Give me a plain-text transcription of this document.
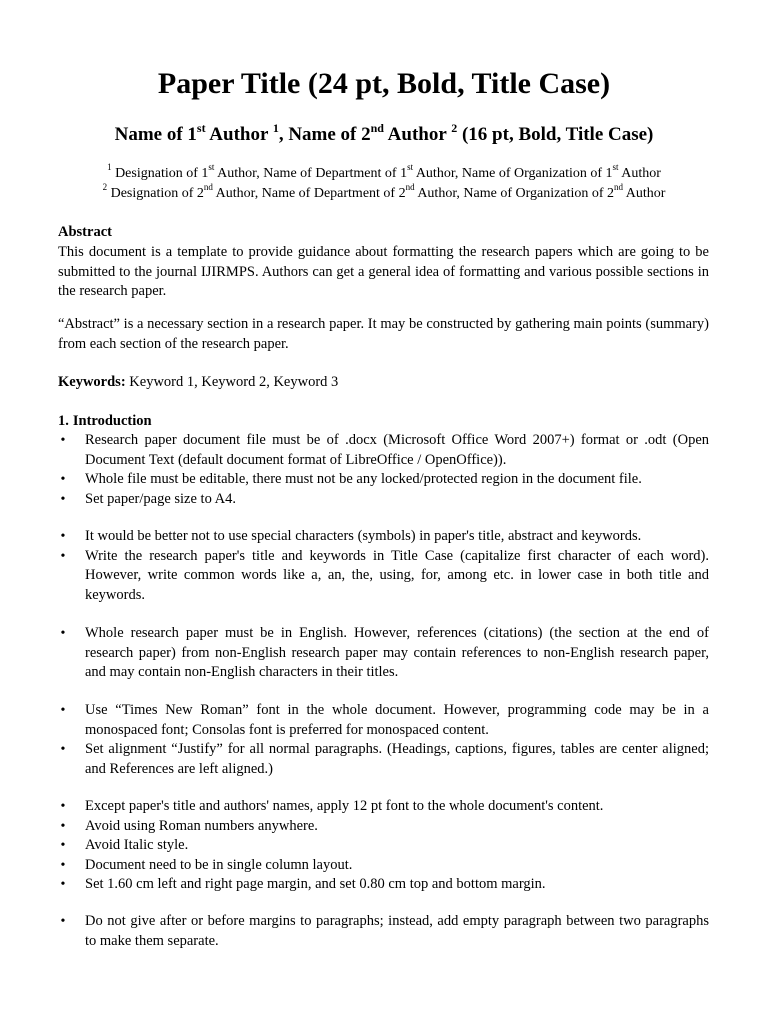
Paper Title (24 pt, Bold, Title Case)
Name of 1st Author $^1$, Name of 2nd Author $^2$ (16 pt, Bold, Title Case)
$^1$ Designation of 1st Author, Name of Department of 1st Author, Name of Organization of 1st Author
$^2$ Designation of 2nd Author, Name of Department of 2nd Author, Name of Organization of 2nd Author
Abstract
This document is a template to provide guidance about formatting the research papers which are going to be submitted to the journal IJIRMPS. Authors can get a general idea of formatting and various possible sections in the research paper.
“Abstract” is a necessary section in a research paper. It may be constructed by gathering main points (summary) from each section of the research paper.
Keywords: Keyword 1, Keyword 2, Keyword 3
1. Introduction
• Research paper document file must be of .docx (Microsoft Office Word 2007+) format or .odt (Open Document Text (default document format of LibreOffice / OpenOffice)).
• Whole file must be editable, there must not be any locked/protected region in the document file.
• Set paper/page size to A4.
• It would be better not to use special characters (symbols) in paper's title, abstract and keywords.
• Write the research paper's title and keywords in Title Case (capitalize first character of each word). However, write common words like a, an, the, using, for, among etc. in lower case in both title and keywords.
• Whole research paper must be in English. However, references (citations) (the section at the end of research paper) from non-English research paper may contain references to non-English research paper, and may contain non-English characters in their titles.
• Use “Times New Roman” font in the whole document. However, programming code may be in a monospaced font; Consolas font is preferred for monospaced content.
• Set alignment “Justify” for all normal paragraphs. (Headings, captions, figures, tables are center aligned; and References are left aligned.)
• Except paper's title and authors' names, apply 12 pt font to the whole document's content.
• Avoid using Roman numbers anywhere.
• Avoid Italic style.
• Document need to be in single column layout.
• Set 1.60 cm left and right page margin, and set 0.80 cm top and bottom margin.
• Do not give after or before margins to paragraphs; instead, add empty paragraph between two paragraphs to make them separate.
